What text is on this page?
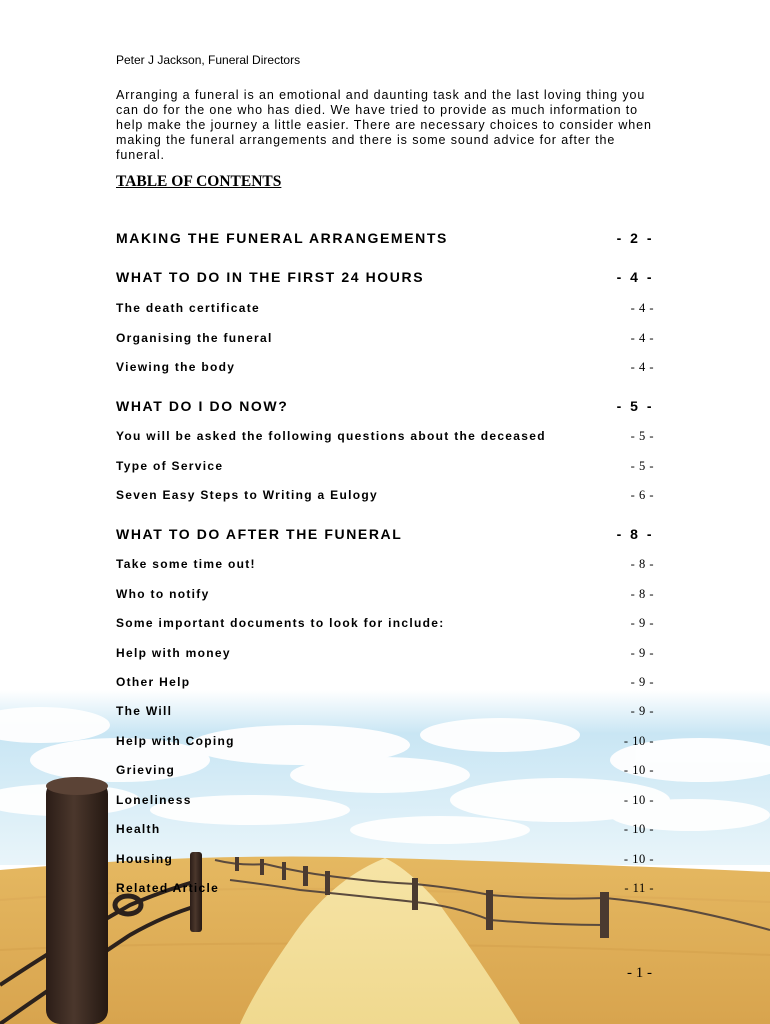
Peter J Jackson, Funeral Directors
Arranging a funeral is an emotional and daunting task and the last loving thing you can do for the one who has died. We have tried to provide as much information to help make the journey a little easier. There are necessary choices to consider when making the funeral arrangements and there is some sound advice for after the funeral.
TABLE OF CONTENTS
MAKING THE FUNERAL ARRANGEMENTS	- 2 -
WHAT TO DO IN THE FIRST 24 HOURS	- 4 -
The death certificate	- 4 -
Organising the funeral	- 4 -
Viewing the body	- 4 -
WHAT DO I DO NOW?	- 5 -
You will be asked the following questions about the deceased	- 5 -
Type of Service	- 5 -
Seven Easy Steps to Writing a Eulogy	- 6 -
WHAT TO DO AFTER THE FUNERAL	- 8 -
Take some time out!	- 8 -
Who to notify	- 8 -
Some important documents to look for include:	- 9 -
Help with money	- 9 -
Other Help	- 9 -
The Will	- 9 -
Help with Coping	- 10 -
Grieving	- 10 -
Loneliness	- 10 -
Health	- 10 -
Housing	- 10 -
Related Article	- 11 -
- 1 -
